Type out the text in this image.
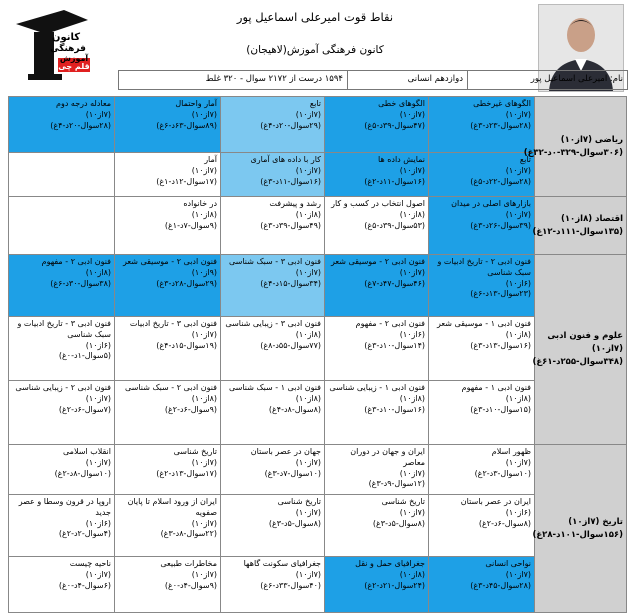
کانون
فرهنگی
آموزش
قلم چی
نقاط قوت امیرعلی اسماعیل پور
کانون فرهنگی آموزش(لاهیجان)
نام: امیرعلی اسماعیل پور
دوازدهم انسانی
۱۵۹۴ درست از ۲۱۷۲ سوال - ۳۲۰ غلط
ریاضی (۷از۱۰)
(۳۰۶سوال-۳۲۹-۰د-۳۲غ)	الگوهای غیرخطی
(۷از۱۰)
(۲۸سوال-۲۳د-۳غ)	الگوهای خطی
(۷از۱۰)
(۴۷سوال-۳۹د-۵غ)	تابع
(۷از۱۰)
(۲۹سوال-۲۰د-۴غ)	آمار واحتمال
(۷از۱۰)
(۸۹سوال-۶۳د-۶غ)	معادله درجه دوم
(۷از۱۰)
(۲۸سوال-۲۰د-۴غ)

	تابع
(۷از۱۰)
(۲۸سوال-۲۲د-۵غ)	نمایش داده ها
(۷از۱۰)
(۱۶سوال-۱۱د-۲غ)	کار با داده های آماری
(۷از۱۰)
(۱۶سوال-۱۱د-۳غ)	آمار
(۷از۱۰)
(۱۷سوال-۱۲د-۱غ)	

اقتصاد (۸از۱۰)
(۱۳۵سوال-۱۱۱د-۱۲غ)	بازارهای اصلی در میدان
(۷از۱۰)
(۳۹سوال-۲۶د-۳غ)	اصول انتخاب در کسب و کار
(۸از۱۰)
(۵۳سوال-۳۹د-۵غ)	رشد و پیشرفت
(۸از۱۰)
(۴۹سوال-۳۹د-۳غ)	در خانواده
(۸از۱۰)
(۹سوال-۷د-۱غ)	

علوم و فنون ادبی (۷از۱۰)
(۳۴۸سوال-۲۵۵د-۶۱غ)	فنون ادبی ۲ - تاریخ ادبیات و سبک شناسی
(۶از۱۰)
(۲۳سوال-۱۳د-۶غ)	فنون ادبی ۲ - موسیقی شعر
(۷از۱۰)
(۴۶سوال-۴۷د-۷غ)	فنون ادبی ۳ - سبک شناسی
(۷از۱۰)
(۳۴سوال-۱۵د-۴غ)	فنون ادبی ۲ - موسیقی شعر
(۹از۱۰)
(۲۹سوال-۲۸د-۳غ)	فنون ادبی ۲ - مفهوم
(۸از۱۰)
(۳۸سوال-۳۰د-۶غ)

	فنون ادبی ۱ - موسیقی شعر
(۸از۱۰)
(۱۶سوال-۱۳د-۳غ)	فنون ادبی ۲ - مفهوم
(۶از۱۰)
(۱۴سوال-۱۰د-۳غ)	فنون ادبی ۳ - زیبایی شناسی
(۸از۱۰)
(۷۷سوال-۵۵د-۸غ)	فنون ادبی ۳ - تاریخ ادبیات
(۷از۱۰)
(۱۹سوال-۱۵د-۴غ)	فنون ادبی ۳ - تاریخ ادبیات و سبک شناسی
(۶از۱۰)
(۵سوال-۱د-۰غ)

	فنون ادبی ۱ - مفهوم
(۸از۱۰)
(۱۵سوال-۱۰د-۳غ)	فنون ادبی ۱ - زیبایی شناسی
(۸از۱۰)
(۱۶سوال-۱۰د-۳غ)	فنون ادبی ۱ - سبک شناسی
(۸از۱۰)
(۸سوال-۸د-۴غ)	فنون ادبی ۲ - سبک شناسی
(۸از۱۰)
(۹سوال-۶د-۲غ)	فنون ادبی ۲ - زیبایی شناسی
(۷از۱۰)
(۷سوال-۶د-۲غ)

تاریخ (۷از۱۰)
(۱۵۶سوال-۱۰۱د-۲۸غ)	ظهور اسلام
(۷از۱۰)
(۱۰سوال-۳د-۲غ)	ایران و جهان در دوران معاصر
(۷از۱۰)
(۱۲سوال-۹د-۳غ)	جهان در عصر باستان
(۷از۱۰)
(۱۰سوال-۷د-۳غ)	تاریخ شناسی
(۷از۱۰)
(۱۷سوال-۱۳د-۲غ)	انقلاب اسلامی
(۷از۱۰)
(۱۰سوال-۸د-۲غ)

	ایران در عصر باستان
(۶از۱۰)
(۸سوال-۶د-۲غ)	تاریخ شناسی
(۷از۱۰)
(۸سوال-۵د-۳غ)	تاریخ شناسی
(۷از۱۰)
(۸سوال-۵د-۳غ)	ایران از ورود اسلام تا پایان صفویه
(۷از۱۰)
(۲۲سوال-۸د-۳غ)	اروپا در قرون وسطا و عصر جدید
(۶از۱۰)
(۴سوال-۲د-۲غ)

	نواحی انسانی
(۷از۱۰)
(۲۸سوال-۴۵د-۳غ)	جغرافیای حمل و نقل
(۸از۱۰)
(۲۴سوال-۲۱د-۲غ)	جغرافیای سکونت گاهها
(۷از۱۰)
(۴۰سوال-۳۳د-۶غ)	مخاطرات طبیعی
(۷از۱۰)
(۹سوال-۴د-۰غ)	ناحیه چیست
(۷از۱۰)
(۶سوال-۴د-۰غ)
